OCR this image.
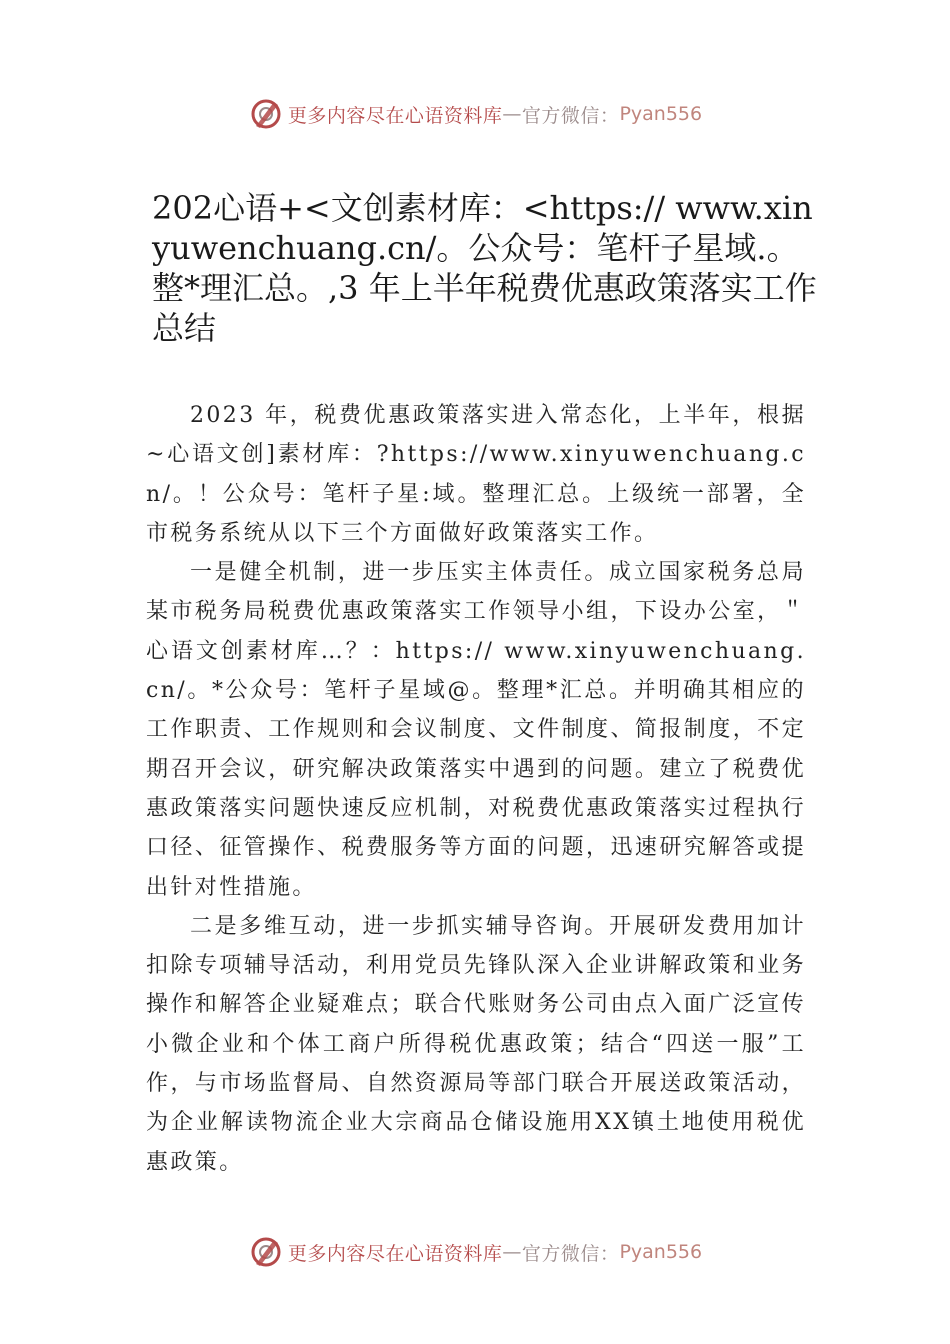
更多内容尽在心语资料库 — 官方微信： Pyan556
202心语+<文创素材库：<https:// www.xinyuwenchuang.cn/。公众号：笔杆子星域.。整*理汇总。,3 年上半年税费优惠政策落实工作总结

2023 年，税费优惠政策落实进入常态化，上半年，根据~心语文创]素材库：?https://www.xinyuwenchuang.cn/。！公众号：笔杆子星:域。整理汇总。上级统一部署，全市税务系统从以下三个方面做好政策落实工作。

一是健全机制，进一步压实主体责任。成立国家税务总局某市税务局税费优惠政策落实工作领导小组，下设办公室，＂心语文创素材库…？：https:// www.xinyuwenchuang.cn/。*公众号：笔杆子星域@。整理*汇总。并明确其相应的工作职责、工作规则和会议制度、文件制度、简报制度，不定期召开会议，研究解决政策落实中遇到的问题。建立了税费优惠政策落实问题快速反应机制，对税费优惠政策落实过程执行口径、征管操作、税费服务等方面的问题，迅速研究解答或提出针对性措施。

二是多维互动，进一步抓实辅导咨询。开展研发费用加计扣除专项辅导活动，利用党员先锋队深入企业讲解政策和业务操作和解答企业疑难点；联合代账财务公司由点入面广泛宣传小微企业和个体工商户所得税优惠政策；结合“四送一服”工作，与市场监督局、自然资源局等部门联合开展送政策活动，为企业解读物流企业大宗商品仓储设施用XX镇土地使用税优惠政策。

更多内容尽在心语资料库 — 官方微信： Pyan556
